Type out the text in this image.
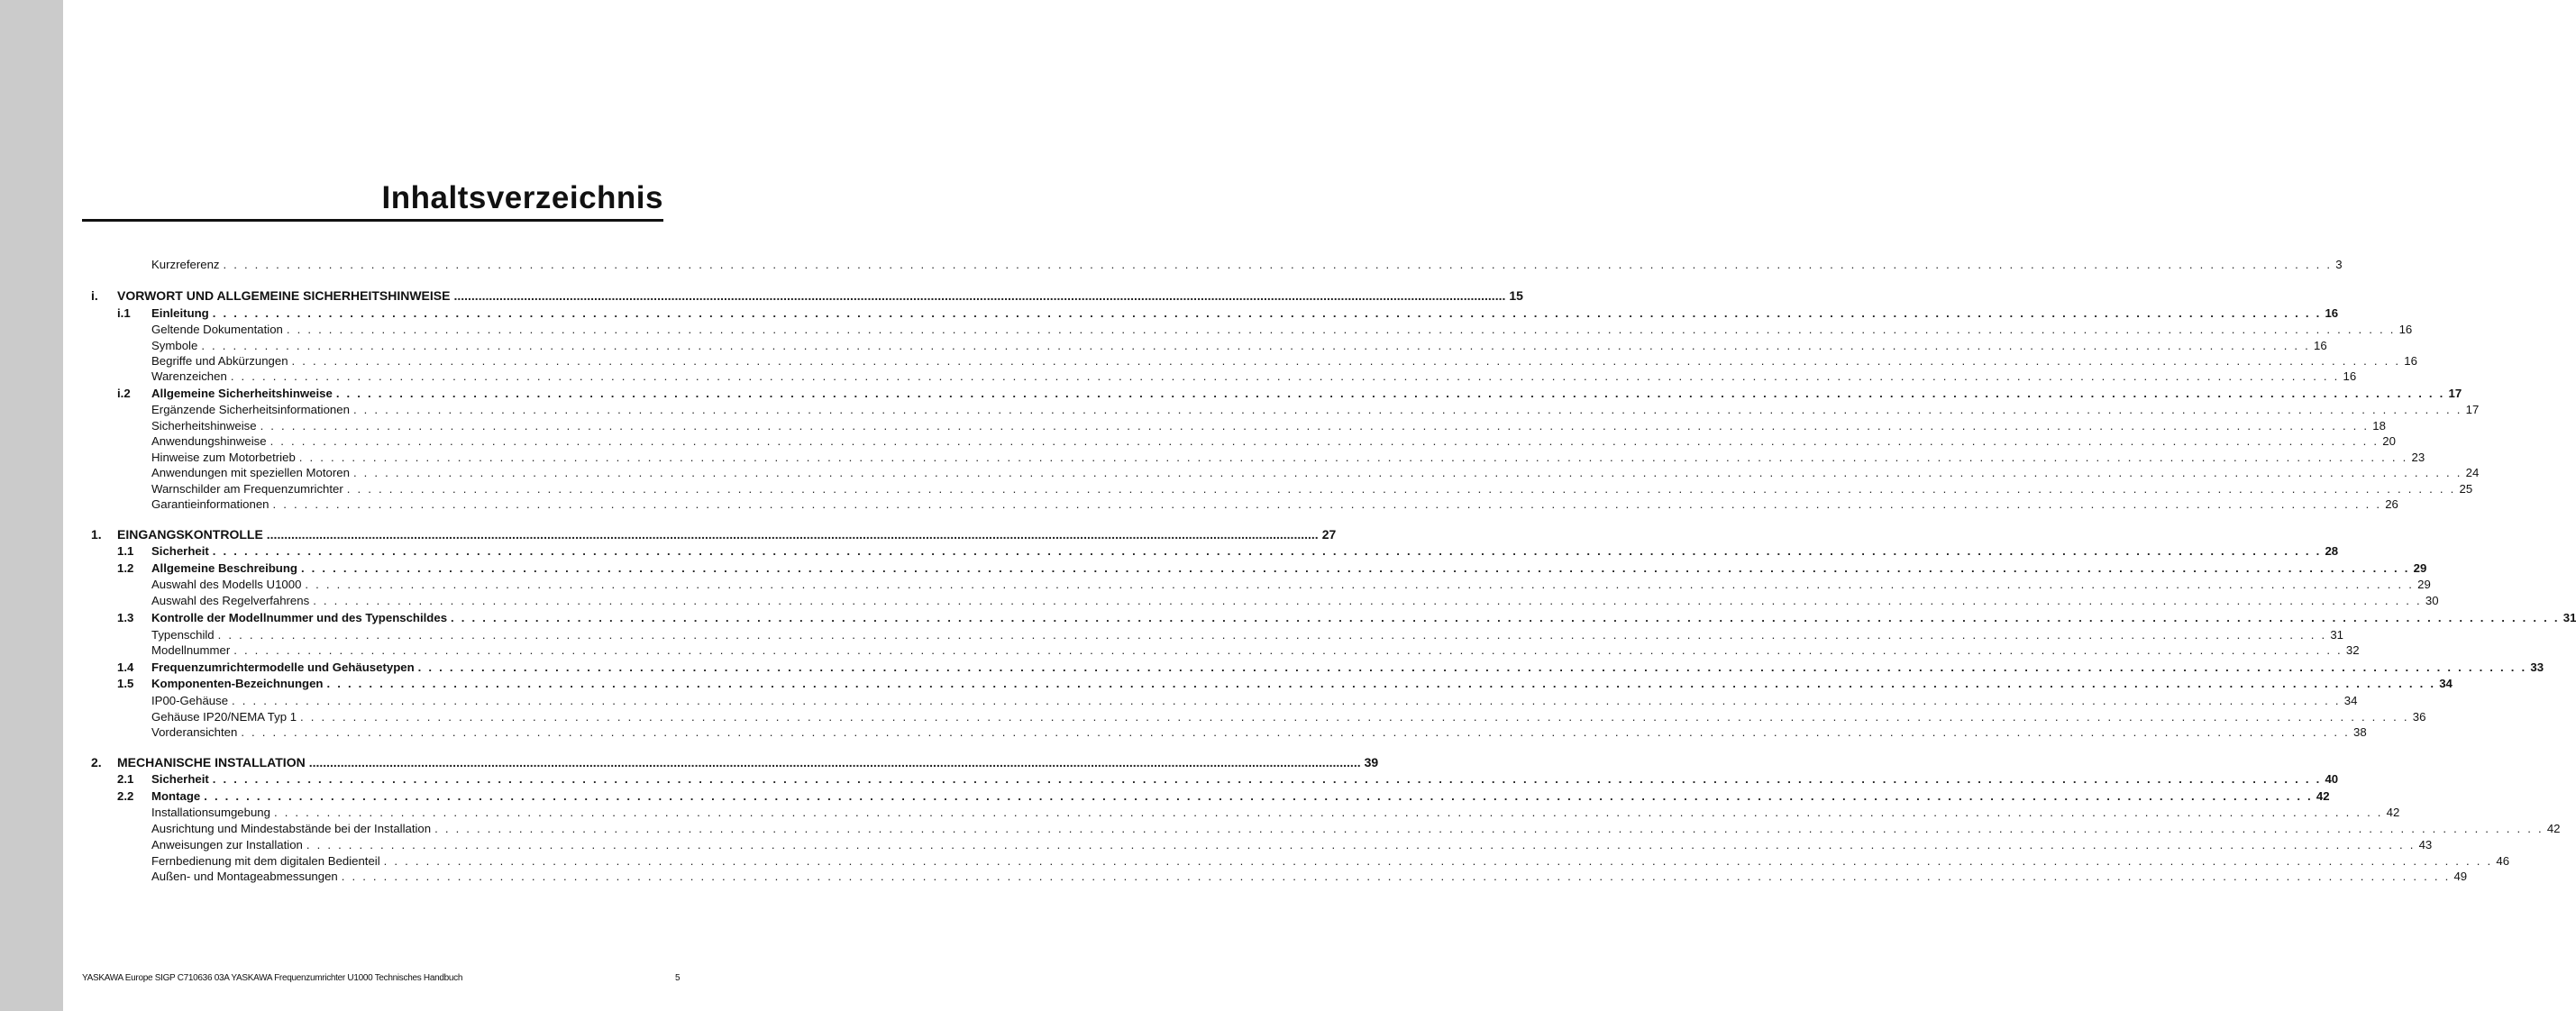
Inhaltsverzeichnis
Kurzreferenz . . . . . . . . . . . . . . . . . . . . . . . . . . . . . . . . . . . . . . . . . . . . . . . . . . . . . . . . . . . . . . . . . . . . . . . . . . . . . . . . . . . . . . . . . . . . . . . . . . . . . . . . . . . . . . . . . . . . . . . . . . . . . . . . . . . . . . . . . . . . . . . . . . . . . . . . . . . . . . . . . . . . . . . . . . . . . . . . . . . . . . . . . . . . . . . . . . . . . . . . 3
i. VORWORT UND ALLGEMEINE SICHERHEITSHINWEISE ............................................................................................................................................................................................................................................................................................................ 15
i.1 Einleitung . . . . . . . . . . . . . . . . . . . . . . . . . . . . . . . . . . . . . . . . . . . . . . . . . . . . . . . . . . . . . . . . . . . . . . . . . . . . . . . . . . . . . . . . . . . . . . . . . . . . . . . . . . . . . . . . . . . . . . . . . . . . . . . . . . . . . . . . . . . . . . . . . . . . . . . . . . . . . . . . . . . . . . . . . . . . . . . . . . . . . . . . . . . . . . . . . . . . . . . . 16
Geltende Dokumentation . . . . . . . . . . . . . . . . . . . . . . . . . . . . . . . . . . . . . . . . . . . . . . . . . . . . . . . . . . . . . . . . . . . . . . . . . . . . . . . . . . . . . . . . . . . . . . . . . . . . . . . . . . . . . . . . . . . . . . . . . . . . . . . . . . . . . . . . . . . . . . . . . . . . . . . . . . . . . . . . . . . . . . . . . . . . . . . . . . . . . . . . . . . . . . . . . . . . . . . . 16
Symbole . . . . . . . . . . . . . . . . . . . . . . . . . . . . . . . . . . . . . . . . . . . . . . . . . . . . . . . . . . . . . . . . . . . . . . . . . . . . . . . . . . . . . . . . . . . . . . . . . . . . . . . . . . . . . . . . . . . . . . . . . . . . . . . . . . . . . . . . . . . . . . . . . . . . . . . . . . . . . . . . . . . . . . . . . . . . . . . . . . . . . . . . . . . . . . . . . . . . . . . . 16
Begriffe und Abkürzungen . . . . . . . . . . . . . . . . . . . . . . . . . . . . . . . . . . . . . . . . . . . . . . . . . . . . . . . . . . . . . . . . . . . . . . . . . . . . . . . . . . . . . . . . . . . . . . . . . . . . . . . . . . . . . . . . . . . . . . . . . . . . . . . . . . . . . . . . . . . . . . . . . . . . . . . . . . . . . . . . . . . . . . . . . . . . . . . . . . . . . . . . . . . . . . . . . . . . . . . . 16
Warenzeichen . . . . . . . . . . . . . . . . . . . . . . . . . . . . . . . . . . . . . . . . . . . . . . . . . . . . . . . . . . . . . . . . . . . . . . . . . . . . . . . . . . . . . . . . . . . . . . . . . . . . . . . . . . . . . . . . . . . . . . . . . . . . . . . . . . . . . . . . . . . . . . . . . . . . . . . . . . . . . . . . . . . . . . . . . . . . . . . . . . . . . . . . . . . . . . . . . . . . . . . . 16
i.2 Allgemeine Sicherheitshinweise . . . . . . . . . . . . . . . . . . . . . . . . . . . . . . . . . . . . . . . . . . . . . . . . . . . . . . . . . . . . . . . . . . . . . . . . . . . . . . . . . . . . . . . . . . . . . . . . . . . . . . . . . . . . . . . . . . . . . . . . . . . . . . . . . . . . . . . . . . . . . . . . . . . . . . . . . . . . . . . . . . . . . . . . . . . . . . . . . . . . . . . . . . . . . . . . . . . . . . . . 17
Ergänzende Sicherheitsinformationen . . . . . . . . . . . . . . . . . . . . . . . . . . . . . . . . . . . . . . . . . . . . . . . . . . . . . . . . . . . . . . . . . . . . . . . . . . . . . . . . . . . . . . . . . . . . . . . . . . . . . . . . . . . . . . . . . . . . . . . . . . . . . . . . . . . . . . . . . . . . . . . . . . . . . . . . . . . . . . . . . . . . . . . . . . . . . . . . . . . . . . . . . . . . . . . . . . . . . . . . 17
Sicherheitshinweise . . . . . . . . . . . . . . . . . . . . . . . . . . . . . . . . . . . . . . . . . . . . . . . . . . . . . . . . . . . . . . . . . . . . . . . . . . . . . . . . . . . . . . . . . . . . . . . . . . . . . . . . . . . . . . . . . . . . . . . . . . . . . . . . . . . . . . . . . . . . . . . . . . . . . . . . . . . . . . . . . . . . . . . . . . . . . . . . . . . . . . . . . . . . . . . . . . . . . . . . 18
Anwendungshinweise . . . . . . . . . . . . . . . . . . . . . . . . . . . . . . . . . . . . . . . . . . . . . . . . . . . . . . . . . . . . . . . . . . . . . . . . . . . . . . . . . . . . . . . . . . . . . . . . . . . . . . . . . . . . . . . . . . . . . . . . . . . . . . . . . . . . . . . . . . . . . . . . . . . . . . . . . . . . . . . . . . . . . . . . . . . . . . . . . . . . . . . . . . . . . . . . . . . . . . . . 20
Hinweise zum Motorbetrieb . . . . . . . . . . . . . . . . . . . . . . . . . . . . . . . . . . . . . . . . . . . . . . . . . . . . . . . . . . . . . . . . . . . . . . . . . . . . . . . . . . . . . . . . . . . . . . . . . . . . . . . . . . . . . . . . . . . . . . . . . . . . . . . . . . . . . . . . . . . . . . . . . . . . . . . . . . . . . . . . . . . . . . . . . . . . . . . . . . . . . . . . . . . . . . . . . . . . . . . . 23
Anwendungen mit speziellen Motoren . . . . . . . . . . . . . . . . . . . . . . . . . . . . . . . . . . . . . . . . . . . . . . . . . . . . . . . . . . . . . . . . . . . . . . . . . . . . . . . . . . . . . . . . . . . . . . . . . . . . . . . . . . . . . . . . . . . . . . . . . . . . . . . . . . . . . . . . . . . . . . . . . . . . . . . . . . . . . . . . . . . . . . . . . . . . . . . . . . . . . . . . . . . . . . . . . . . . . . . . 24
Warnschilder am Frequenzumrichter . . . . . . . . . . . . . . . . . . . . . . . . . . . . . . . . . . . . . . . . . . . . . . . . . . . . . . . . . . . . . . . . . . . . . . . . . . . . . . . . . . . . . . . . . . . . . . . . . . . . . . . . . . . . . . . . . . . . . . . . . . . . . . . . . . . . . . . . . . . . . . . . . . . . . . . . . . . . . . . . . . . . . . . . . . . . . . . . . . . . . . . . . . . . . . . . . . . . . . . . 25
Garantieinformationen . . . . . . . . . . . . . . . . . . . . . . . . . . . . . . . . . . . . . . . . . . . . . . . . . . . . . . . . . . . . . . . . . . . . . . . . . . . . . . . . . . . . . . . . . . . . . . . . . . . . . . . . . . . . . . . . . . . . . . . . . . . . . . . . . . . . . . . . . . . . . . . . . . . . . . . . . . . . . . . . . . . . . . . . . . . . . . . . . . . . . . . . . . . . . . . . . . . . . . . . 26
1. EINGANGSKONTROLLE ............................................................................................................................................................................................................................................................................................................ 27
1.1 Sicherheit . . . . . . . . . . . . . . . . . . . . . . . . . . . . . . . . . . . . . . . . . . . . . . . . . . . . . . . . . . . . . . . . . . . . . . . . . . . . . . . . . . . . . . . . . . . . . . . . . . . . . . . . . . . . . . . . . . . . . . . . . . . . . . . . . . . . . . . . . . . . . . . . . . . . . . . . . . . . . . . . . . . . . . . . . . . . . . . . . . . . . . . . . . . . . . . . . . . . . . . . 28
1.2 Allgemeine Beschreibung . . . . . . . . . . . . . . . . . . . . . . . . . . . . . . . . . . . . . . . . . . . . . . . . . . . . . . . . . . . . . . . . . . . . . . . . . . . . . . . . . . . . . . . . . . . . . . . . . . . . . . . . . . . . . . . . . . . . . . . . . . . . . . . . . . . . . . . . . . . . . . . . . . . . . . . . . . . . . . . . . . . . . . . . . . . . . . . . . . . . . . . . . . . . . . . . . . . . . . . . 29
Auswahl des Modells U1000 . . . . . . . . . . . . . . . . . . . . . . . . . . . . . . . . . . . . . . . . . . . . . . . . . . . . . . . . . . . . . . . . . . . . . . . . . . . . . . . . . . . . . . . . . . . . . . . . . . . . . . . . . . . . . . . . . . . . . . . . . . . . . . . . . . . . . . . . . . . . . . . . . . . . . . . . . . . . . . . . . . . . . . . . . . . . . . . . . . . . . . . . . . . . . . . . . . . . . . . . 29
Auswahl des Regelverfahrens . . . . . . . . . . . . . . . . . . . . . . . . . . . . . . . . . . . . . . . . . . . . . . . . . . . . . . . . . . . . . . . . . . . . . . . . . . . . . . . . . . . . . . . . . . . . . . . . . . . . . . . . . . . . . . . . . . . . . . . . . . . . . . . . . . . . . . . . . . . . . . . . . . . . . . . . . . . . . . . . . . . . . . . . . . . . . . . . . . . . . . . . . . . . . . . . . . . . . . . . 30
1.3 Kontrolle der Modellnummer und des Typenschildes . . . . . . . . . . . . . . . . . . . . . . . . . . . . . . . . . . . . . . . . . . . . . . . . . . . . . . . . . . . . . . . . . . . . . . . . . . . . . . . . . . . . . . . . . . . . . . . . . . . . . . . . . . . . . . . . . . . . . . . . . . . . . . . . . . . . . . . . . . . . . . . . . . . . . . . . . . . . . . . . . . . . . . . . . . . . . . . . . . . . . . . . . . . . . . . . . . . . . . . . 31
Typenschild . . . . . . . . . . . . . . . . . . . . . . . . . . . . . . . . . . . . . . . . . . . . . . . . . . . . . . . . . . . . . . . . . . . . . . . . . . . . . . . . . . . . . . . . . . . . . . . . . . . . . . . . . . . . . . . . . . . . . . . . . . . . . . . . . . . . . . . . . . . . . . . . . . . . . . . . . . . . . . . . . . . . . . . . . . . . . . . . . . . . . . . . . . . . . . . . . . . . . . . . 31
Modellnummer . . . . . . . . . . . . . . . . . . . . . . . . . . . . . . . . . . . . . . . . . . . . . . . . . . . . . . . . . . . . . . . . . . . . . . . . . . . . . . . . . . . . . . . . . . . . . . . . . . . . . . . . . . . . . . . . . . . . . . . . . . . . . . . . . . . . . . . . . . . . . . . . . . . . . . . . . . . . . . . . . . . . . . . . . . . . . . . . . . . . . . . . . . . . . . . . . . . . . . . . 32
1.4 Frequenzumrichtermodelle und Gehäusetypen . . . . . . . . . . . . . . . . . . . . . . . . . . . . . . . . . . . . . . . . . . . . . . . . . . . . . . . . . . . . . . . . . . . . . . . . . . . . . . . . . . . . . . . . . . . . . . . . . . . . . . . . . . . . . . . . . . . . . . . . . . . . . . . . . . . . . . . . . . . . . . . . . . . . . . . . . . . . . . . . . . . . . . . . . . . . . . . . . . . . . . . . . . . . . . . . . . . . . . . . 33
1.5 Komponenten-Bezeichnungen . . . . . . . . . . . . . . . . . . . . . . . . . . . . . . . . . . . . . . . . . . . . . . . . . . . . . . . . . . . . . . . . . . . . . . . . . . . . . . . . . . . . . . . . . . . . . . . . . . . . . . . . . . . . . . . . . . . . . . . . . . . . . . . . . . . . . . . . . . . . . . . . . . . . . . . . . . . . . . . . . . . . . . . . . . . . . . . . . . . . . . . . . . . . . . . . . . . . . . . . 34
IP00-Gehäuse . . . . . . . . . . . . . . . . . . . . . . . . . . . . . . . . . . . . . . . . . . . . . . . . . . . . . . . . . . . . . . . . . . . . . . . . . . . . . . . . . . . . . . . . . . . . . . . . . . . . . . . . . . . . . . . . . . . . . . . . . . . . . . . . . . . . . . . . . . . . . . . . . . . . . . . . . . . . . . . . . . . . . . . . . . . . . . . . . . . . . . . . . . . . . . . . . . . . . . . . 34
Gehäuse IP20/NEMA Typ 1 . . . . . . . . . . . . . . . . . . . . . . . . . . . . . . . . . . . . . . . . . . . . . . . . . . . . . . . . . . . . . . . . . . . . . . . . . . . . . . . . . . . . . . . . . . . . . . . . . . . . . . . . . . . . . . . . . . . . . . . . . . . . . . . . . . . . . . . . . . . . . . . . . . . . . . . . . . . . . . . . . . . . . . . . . . . . . . . . . . . . . . . . . . . . . . . . . . . . . . . . 36
Vorderansichten . . . . . . . . . . . . . . . . . . . . . . . . . . . . . . . . . . . . . . . . . . . . . . . . . . . . . . . . . . . . . . . . . . . . . . . . . . . . . . . . . . . . . . . . . . . . . . . . . . . . . . . . . . . . . . . . . . . . . . . . . . . . . . . . . . . . . . . . . . . . . . . . . . . . . . . . . . . . . . . . . . . . . . . . . . . . . . . . . . . . . . . . . . . . . . . . . . . . . . . . 38
2. MECHANISCHE INSTALLATION ............................................................................................................................................................................................................................................................................................................ 39
2.1 Sicherheit . . . . . . . . . . . . . . . . . . . . . . . . . . . . . . . . . . . . . . . . . . . . . . . . . . . . . . . . . . . . . . . . . . . . . . . . . . . . . . . . . . . . . . . . . . . . . . . . . . . . . . . . . . . . . . . . . . . . . . . . . . . . . . . . . . . . . . . . . . . . . . . . . . . . . . . . . . . . . . . . . . . . . . . . . . . . . . . . . . . . . . . . . . . . . . . . . . . . . . . . 40
2.2 Montage . . . . . . . . . . . . . . . . . . . . . . . . . . . . . . . . . . . . . . . . . . . . . . . . . . . . . . . . . . . . . . . . . . . . . . . . . . . . . . . . . . . . . . . . . . . . . . . . . . . . . . . . . . . . . . . . . . . . . . . . . . . . . . . . . . . . . . . . . . . . . . . . . . . . . . . . . . . . . . . . . . . . . . . . . . . . . . . . . . . . . . . . . . . . . . . . . . . . . . . . 42
Installationsumgebung . . . . . . . . . . . . . . . . . . . . . . . . . . . . . . . . . . . . . . . . . . . . . . . . . . . . . . . . . . . . . . . . . . . . . . . . . . . . . . . . . . . . . . . . . . . . . . . . . . . . . . . . . . . . . . . . . . . . . . . . . . . . . . . . . . . . . . . . . . . . . . . . . . . . . . . . . . . . . . . . . . . . . . . . . . . . . . . . . . . . . . . . . . . . . . . . . . . . . . . . 42
Ausrichtung und Mindestabstände bei der Installation . . . . . . . . . . . . . . . . . . . . . . . . . . . . . . . . . . . . . . . . . . . . . . . . . . . . . . . . . . . . . . . . . . . . . . . . . . . . . . . . . . . . . . . . . . . . . . . . . . . . . . . . . . . . . . . . . . . . . . . . . . . . . . . . . . . . . . . . . . . . . . . . . . . . . . . . . . . . . . . . . . . . . . . . . . . . . . . . . . . . . . . . . . . . . . . . . . . . . . . . 42
Anweisungen zur Installation . . . . . . . . . . . . . . . . . . . . . . . . . . . . . . . . . . . . . . . . . . . . . . . . . . . . . . . . . . . . . . . . . . . . . . . . . . . . . . . . . . . . . . . . . . . . . . . . . . . . . . . . . . . . . . . . . . . . . . . . . . . . . . . . . . . . . . . . . . . . . . . . . . . . . . . . . . . . . . . . . . . . . . . . . . . . . . . . . . . . . . . . . . . . . . . . . . . . . . . . 43
Fernbedienung mit dem digitalen Bedienteil . . . . . . . . . . . . . . . . . . . . . . . . . . . . . . . . . . . . . . . . . . . . . . . . . . . . . . . . . . . . . . . . . . . . . . . . . . . . . . . . . . . . . . . . . . . . . . . . . . . . . . . . . . . . . . . . . . . . . . . . . . . . . . . . . . . . . . . . . . . . . . . . . . . . . . . . . . . . . . . . . . . . . . . . . . . . . . . . . . . . . . . . . . . . . . . . . . . . . . . . 46
Außen- und Montageabmessungen . . . . . . . . . . . . . . . . . . . . . . . . . . . . . . . . . . . . . . . . . . . . . . . . . . . . . . . . . . . . . . . . . . . . . . . . . . . . . . . . . . . . . . . . . . . . . . . . . . . . . . . . . . . . . . . . . . . . . . . . . . . . . . . . . . . . . . . . . . . . . . . . . . . . . . . . . . . . . . . . . . . . . . . . . . . . . . . . . . . . . . . . . . . . . . . . . . . . . . . . 49
YASKAWA Europe SIGP C710636 03A YASKAWA Frequenzumrichter U1000 Technisches Handbuch	5
